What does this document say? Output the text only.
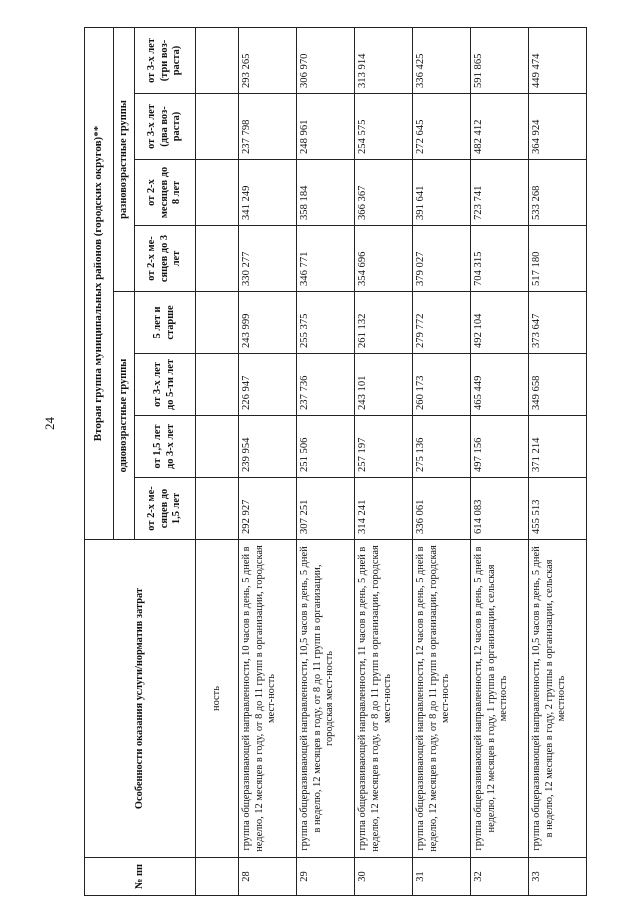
24
№ пп	Особенности оказания услуги/норматив затрат	Вторая группа муниципальных районов (городских округов)**							
		одновозрастные группы				разновозрастные группы			
		от 2-х ме-сяцев до 1,5 лет	от 1,5 лет до 3-х лет	от 3-х лет до 5-ти лет	5 лет и старше	от 2-х ме-сяцев до 3 лет	от 2-х месяцев до 8 лет	от 3-х лет (два воз-раста)	от 3-х лет (три воз-раста)
	ность								
28	группа общеразвивающей направленности, 10 часов в день, 5 дней в неделю, 12 месяцев в году, от 8 до 11 групп в организации, городская мест-ность	292 927	239 954	226 947	243 999	330 277	341 249	237 798	293 265
29	группа общеразвивающей направленности, 10,5 часов в день, 5 дней в неделю, 12 месяцев в году, от 8 до 11 групп в организации, городская мест-ность	307 251	251 506	237 736	255 375	346 771	358 184	248 961	306 970
30	группа общеразвивающей направленности, 11 часов в день, 5 дней в неделю, 12 месяцев в году, от 8 до 11 групп в организации, городская мест-ность	314 241	257 197	243 101	261 132	354 696	366 367	254 575	313 914
31	группа общеразвивающей направленности, 12 часов в день, 5 дней в неделю, 12 месяцев в году, от 8 до 11 групп в организации, городская мест-ность	336 061	275 136	260 173	279 772	379 027	391 641	272 645	336 425
32	группа общеразвивающей направленности, 12 часов в день, 5 дней в неделю, 12 месяцев в году, 1 группа в организации, сельская местность	614 083	497 156	465 449	492 104	704 315	723 741	482 412	591 865
33	группа общеразвивающей направленности, 10,5 часов в день, 5 дней в неделю, 12 месяцев в году, 2 группы в организации, сельская местность	455 513	371 214	349 658	373 647	517 180	533 268	364 924	449 474
